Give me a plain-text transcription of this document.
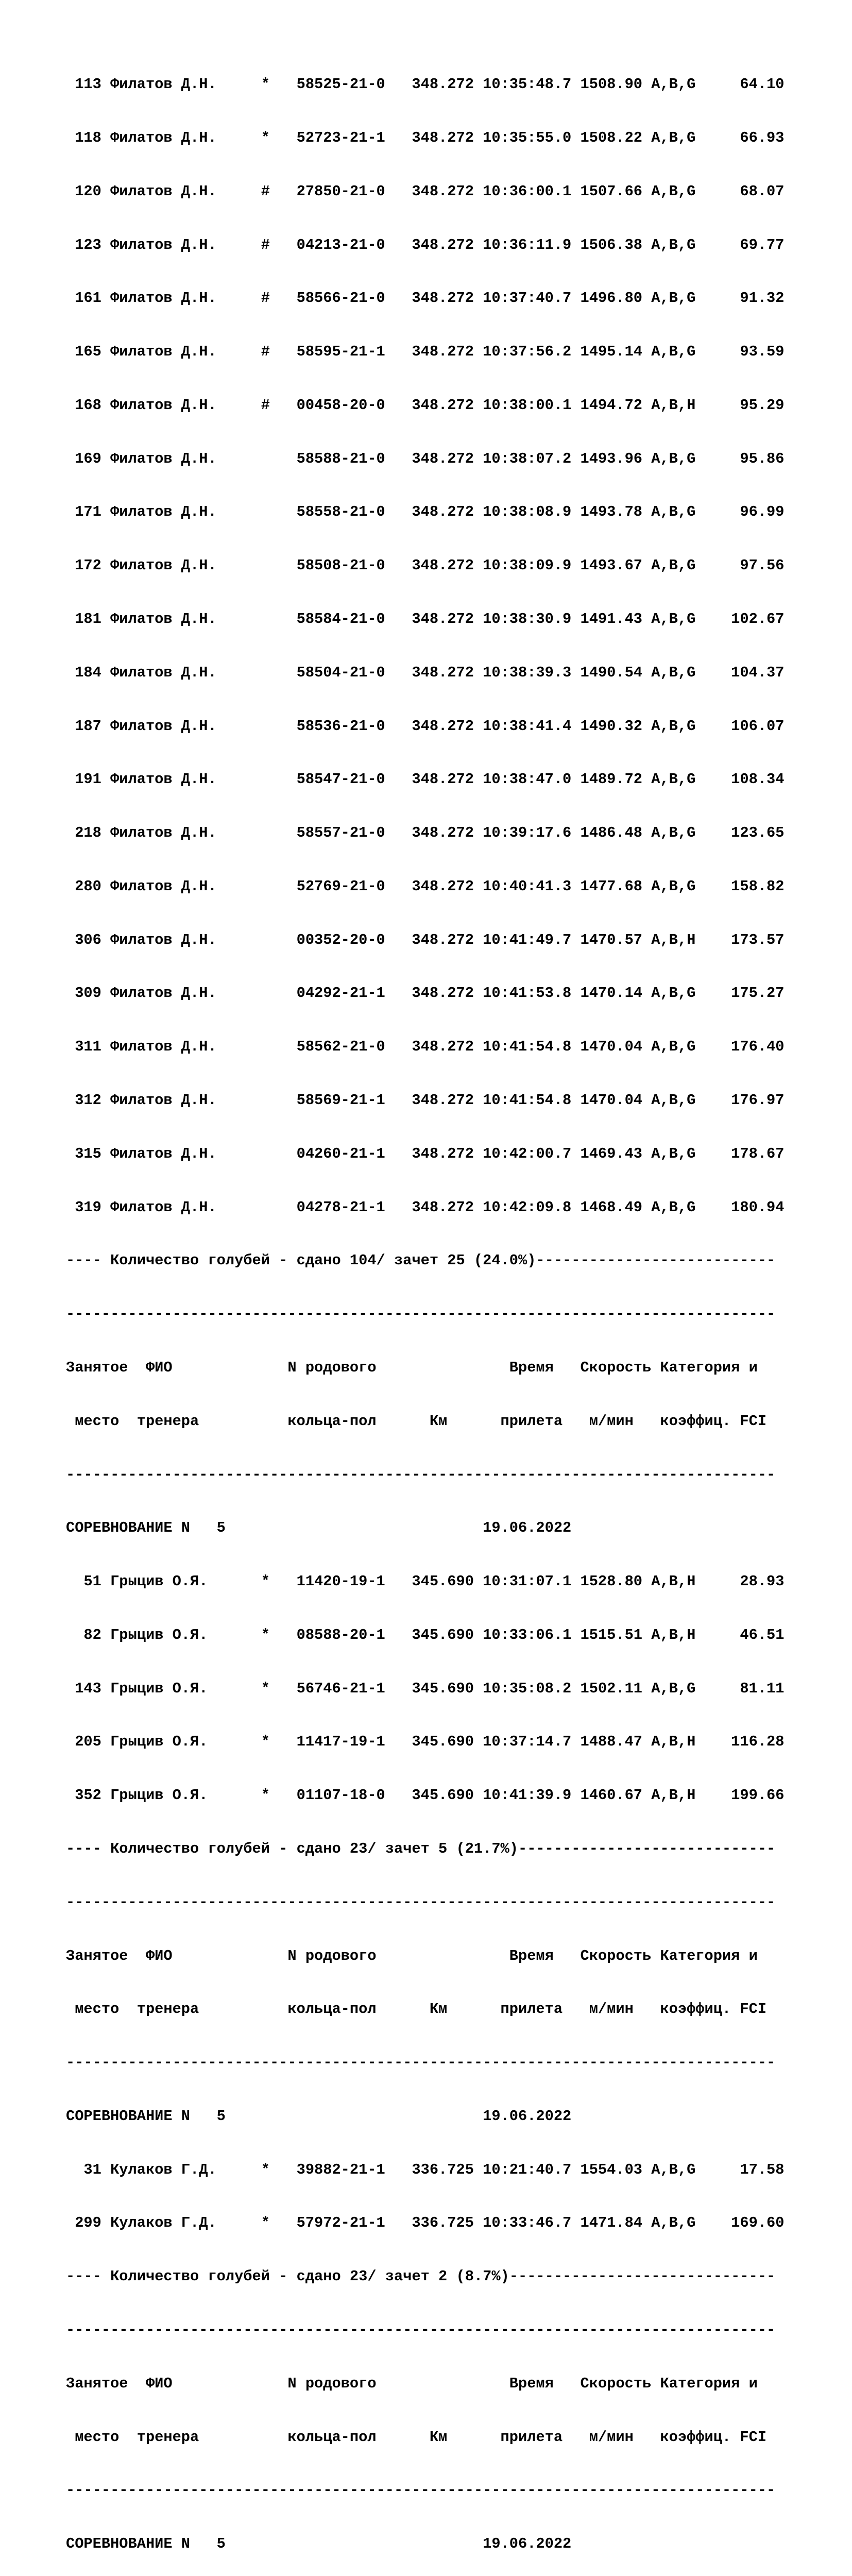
113 Филатов Д.Н.     *   58525-21-0   348.272 10:35:48.7 1508.90 A,B,G     64.10

118 Филатов Д.Н.     *   52723-21-1   348.272 10:35:55.0 1508.22 A,B,G     66.93

120 Филатов Д.Н.     #   27850-21-0   348.272 10:36:00.1 1507.66 A,B,G     68.07

123 Филатов Д.Н.     #   04213-21-0   348.272 10:36:11.9 1506.38 A,B,G     69.77

161 Филатов Д.Н.     #   58566-21-0   348.272 10:37:40.7 1496.80 A,B,G     91.32

165 Филатов Д.Н.     #   58595-21-1   348.272 10:37:56.2 1495.14 A,B,G     93.59

168 Филатов Д.Н.     #   00458-20-0   348.272 10:38:00.1 1494.72 A,B,H     95.29

169 Филатов Д.Н.         58588-21-0   348.272 10:38:07.2 1493.96 A,B,G     95.86

171 Филатов Д.Н.         58558-21-0   348.272 10:38:08.9 1493.78 A,B,G     96.99

172 Филатов Д.Н.         58508-21-0   348.272 10:38:09.9 1493.67 A,B,G     97.56

181 Филатов Д.Н.         58584-21-0   348.272 10:38:30.9 1491.43 A,B,G    102.67

184 Филатов Д.Н.         58504-21-0   348.272 10:38:39.3 1490.54 A,B,G    104.37

187 Филатов Д.Н.         58536-21-0   348.272 10:38:41.4 1490.32 A,B,G    106.07

191 Филатов Д.Н.         58547-21-0   348.272 10:38:47.0 1489.72 A,B,G    108.34

218 Филатов Д.Н.         58557-21-0   348.272 10:39:17.6 1486.48 A,B,G    123.65

280 Филатов Д.Н.         52769-21-0   348.272 10:40:41.3 1477.68 A,B,G    158.82

306 Филатов Д.Н.         00352-20-0   348.272 10:41:49.7 1470.57 A,B,H    173.57

309 Филатов Д.Н.         04292-21-1   348.272 10:41:53.8 1470.14 A,B,G    175.27

311 Филатов Д.Н.         58562-21-0   348.272 10:41:54.8 1470.04 A,B,G    176.40

312 Филатов Д.Н.         58569-21-1   348.272 10:41:54.8 1470.04 A,B,G    176.97

315 Филатов Д.Н.         04260-21-1   348.272 10:42:00.7 1469.43 A,B,G    178.67

319 Филатов Д.Н.         04278-21-1   348.272 10:42:09.8 1468.49 A,B,G    180.94

---- Количество голубей - сдано 104/ зачет 25 (24.0%)---------------------------

--------------------------------------------------------------------------------

Занятое  ФИО             N родового               Время   Скорость Категория и

место  тренера          кольца-пол      Км      прилета   м/мин   коэффиц. FCI

--------------------------------------------------------------------------------

СОРЕВНОВАНИЕ N   5                             19.06.2022

51 Грыцив О.Я.      *   11420-19-1   345.690 10:31:07.1 1528.80 A,B,H     28.93

82 Грыцив О.Я.      *   08588-20-1   345.690 10:33:06.1 1515.51 A,B,H     46.51

143 Грыцив О.Я.      *   56746-21-1   345.690 10:35:08.2 1502.11 A,B,G     81.11

205 Грыцив О.Я.      *   11417-19-1   345.690 10:37:14.7 1488.47 A,B,H    116.28

352 Грыцив О.Я.      *   01107-18-0   345.690 10:41:39.9 1460.67 A,B,H    199.66

---- Количество голубей - сдано 23/ зачет 5 (21.7%)-----------------------------

--------------------------------------------------------------------------------

Занятое  ФИО             N родового               Время   Скорость Категория и

место  тренера          кольца-пол      Км      прилета   м/мин   коэффиц. FCI

--------------------------------------------------------------------------------

СОРЕВНОВАНИЕ N   5                             19.06.2022

31 Кулаков Г.Д.     *   39882-21-1   336.725 10:21:40.7 1554.03 A,B,G     17.58

299 Кулаков Г.Д.     *   57972-21-1   336.725 10:33:46.7 1471.84 A,B,G    169.60

---- Количество голубей - сдано 23/ зачет 2 (8.7%)------------------------------

--------------------------------------------------------------------------------

Занятое  ФИО             N родового               Время   Скорость Категория и

место  тренера          кольца-пол      Км      прилета   м/мин   коэффиц. FCI

--------------------------------------------------------------------------------

СОРЕВНОВАНИЕ N   5                             19.06.2022
